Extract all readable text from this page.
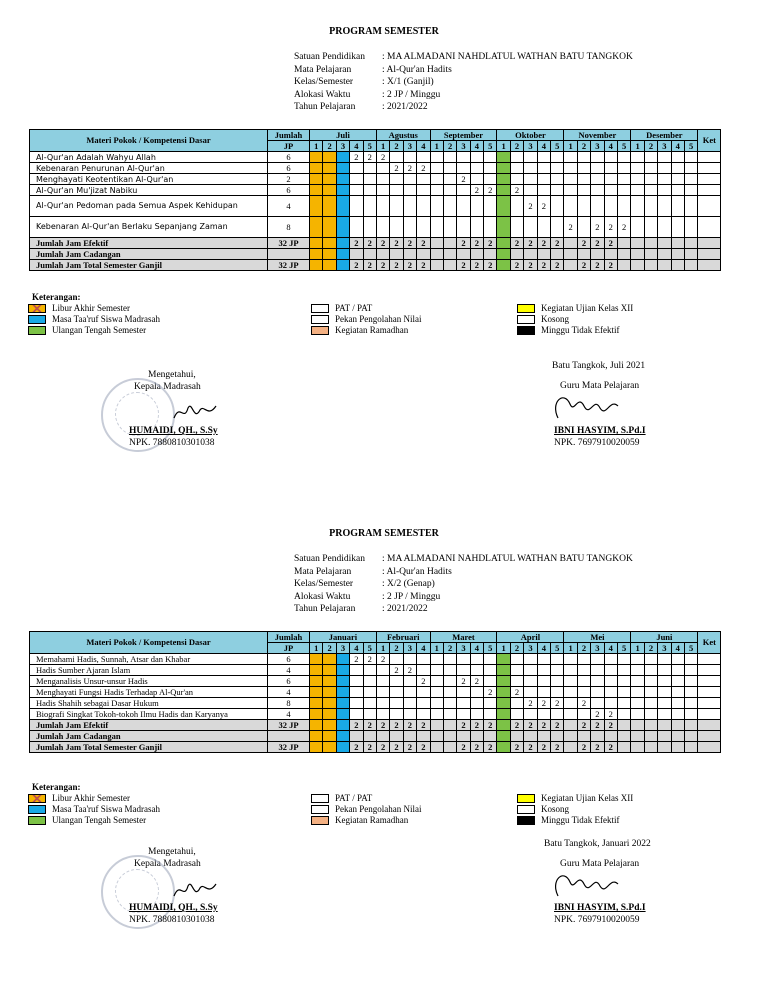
PROGRAM SEMESTER
Satuan Pendidikan	: MA ALMADANI NAHDLATUL WATHAN BATU TANGKOK
Mata Pelajaran	: Al-Qur'an Hadits
Kelas/Semester	: X/1 (Ganjil)
Alokasi Waktu	: 2 JP / Minggu
Tahun Pelajaran	: 2021/2022
Materi Pokok / Kompetensi Dasar	Jumlah	Juli					Agustus				September					Oktober					November					Desember					Ket
	JP	1	2	3	4	5	1	2	3	4	1	2	3	4	5	1	2	3	4	5	1	2	3	4	5	1	2	3	4	5	
Al-Qur'an Adalah Wahyu Allah	6				2	2	2																								
Kebenaran Penurunan Al-Qur'an	6							2	2	2																					
Menghayati Keotentikan Al-Qur'an	2												2																		
Al-Qur'an Mu'jizat Nabiku	6													2	2		2														
Al-Qur'an Pedoman pada Semua Aspek Kehidupan	4																	2	2												
Kebenaran Al-Qur'an Berlaku Sepanjang Zaman	8																				2		2	2	2						
Jumlah Jam Efektif	32 JP				2	2	2	2	2	2			2	2	2		2	2	2	2		2	2	2							
Jumlah Jam Cadangan																															
Jumlah Jam Total Semester Ganjil	32 JP				2	2	2	2	2	2			2	2	2		2	2	2	2		2	2	2							
Keterangan:
Libur Akhir Semester
Masa Taa'ruf Siswa Madrasah
Ulangan Tengah Semester
PAT / PAT
Pekan Pengolahan Nilai
Kegiatan Ramadhan
Kegiatan Ujian Kelas XII
Kosong
Minggu Tidak Efektif
Mengetahui,
Kepala Madrasah
HUMAIDI, QH., S.Sy
NPK. 7880810301038
Batu Tangkok, Juli 2021
Guru Mata Pelajaran
IBNI HASYIM, S.Pd.I
NPK. 7697910020059
PROGRAM SEMESTER
Satuan Pendidikan	: MA ALMADANI NAHDLATUL WATHAN BATU TANGKOK
Mata Pelajaran	: Al-Qur'an Hadits
Kelas/Semester	: X/2 (Genap)
Alokasi Waktu	: 2 JP / Minggu
Tahun Pelajaran	: 2021/2022
Materi Pokok / Kompetensi Dasar	Jumlah	Januari					Februari				Maret					April					Mei					Juni					Ket
	JP	1	2	3	4	5	1	2	3	4	1	2	3	4	5	1	2	3	4	5	1	2	3	4	5	1	2	3	4	5	
Memahami Hadis, Sunnah, Atsar dan Khabar	6				2	2	2																								
Hadis Sumber Ajaran Islam	4							2	2																						
Menganalisis Unsur-unsur Hadis	6									2			2	2																	
Menghayati Fungsi Hadis Terhadap Al-Qur'an	4														2		2														
Hadis Shahih sebagai Dasar Hukum	8																	2	2	2		2									
Biografi Singkat Tokoh-tokoh Ilmu Hadis dan Karyanya	4																						2	2							
Jumlah Jam Efektif	32 JP				2	2	2	2	2	2			2	2	2		2	2	2	2		2	2	2							
Jumlah Jam Cadangan																															
Jumlah Jam Total Semester Ganjil	32 JP				2	2	2	2	2	2			2	2	2		2	2	2	2		2	2	2							
Keterangan:
Libur Akhir Semester
Masa Taa'ruf Siswa Madrasah
Ulangan Tengah Semester
PAT / PAT
Pekan Pengolahan Nilai
Kegiatan Ramadhan
Kegiatan Ujian Kelas XII
Kosong
Minggu Tidak Efektif
Mengetahui,
Kepala Madrasah
HUMAIDI, QH., S.Sy
NPK. 7880810301038
Batu Tangkok, Januari 2022
Guru Mata Pelajaran
IBNI HASYIM, S.Pd.I
NPK. 7697910020059
